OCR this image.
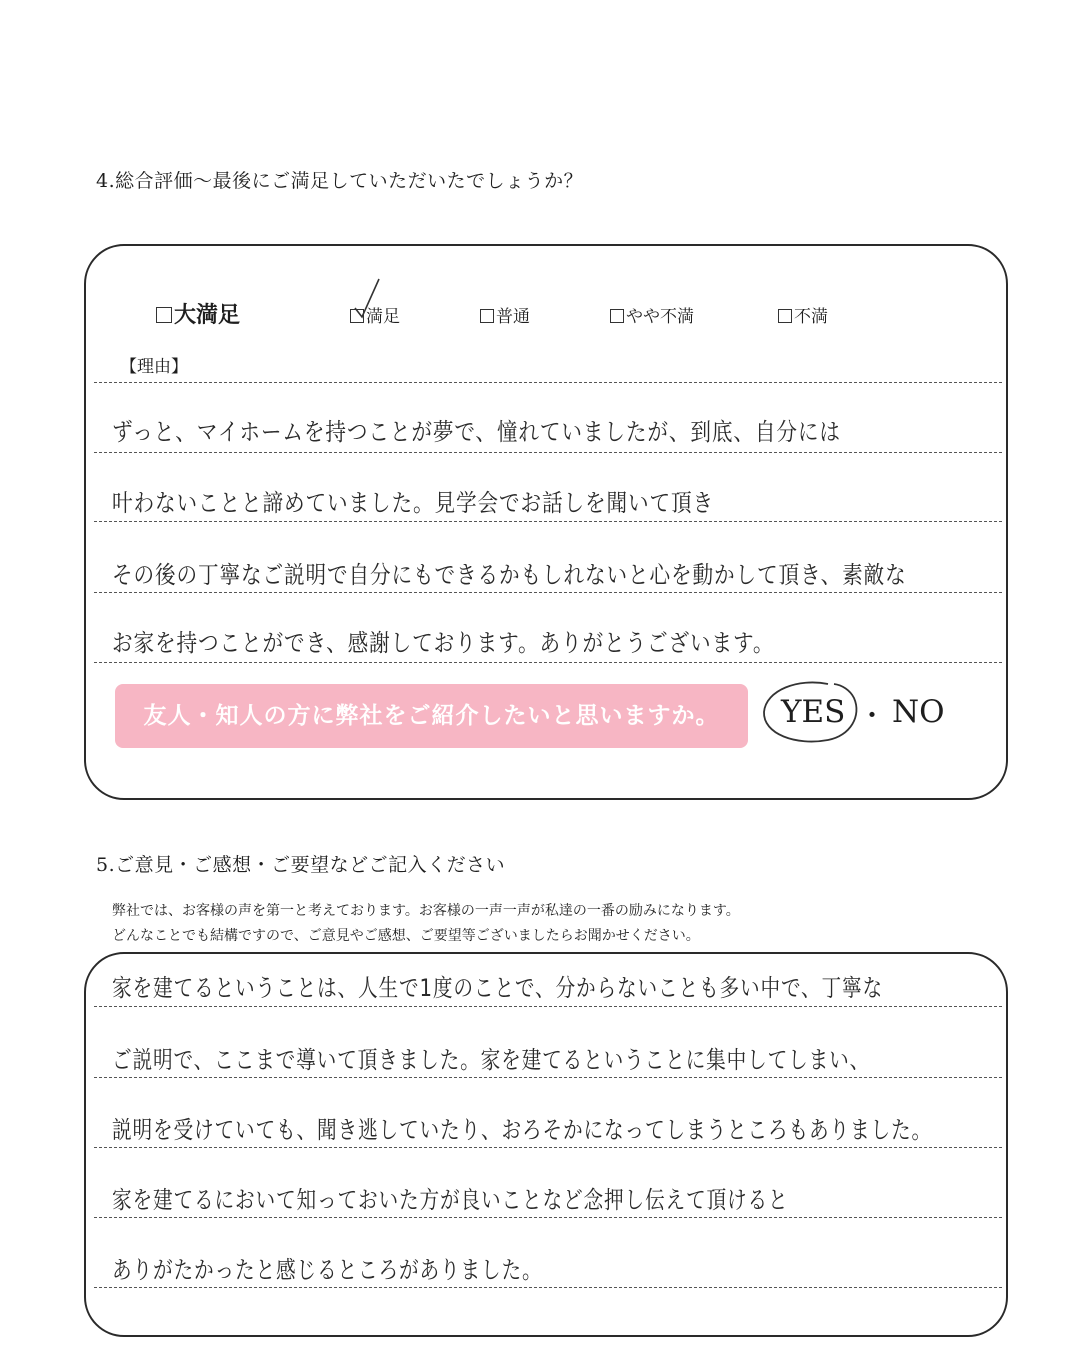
4.総合評価〜最後にご満足していただいたでしょうか？
大満足	満足	普通	やや不満	不満
【理由】
ずっと、マイホームを持つことが夢で、憧れていましたが、到底、自分には
叶わないことと諦めていました。見学会でお話しを聞いて頂き
その後の丁寧なご説明で自分にもできるかもしれないと心を動かして頂き、素敵な
お家を持つことができ、感謝しております。ありがとうございます。
友人・知人の方に弊社をご紹介したいと思いますか。	YES ・ NO
5.ご意見・ご感想・ご要望などご記入ください
弊社では、お客様の声を第一と考えております。お客様の一声一声が私達の一番の励みになります。
どんなことでも結構ですので、ご意見やご感想、ご要望等ございましたらお聞かせください。
家を建てるということは、人生で1度のことで、分からないことも多い中で、丁寧な
ご説明で、ここまで導いて頂きました。家を建てるということに集中してしまい、
説明を受けていても、聞き逃していたり、おろそかになってしまうところもありました。
家を建てるにおいて知っておいた方が良いことなど念押し伝えて頂けると
ありがたかったと感じるところがありました。
